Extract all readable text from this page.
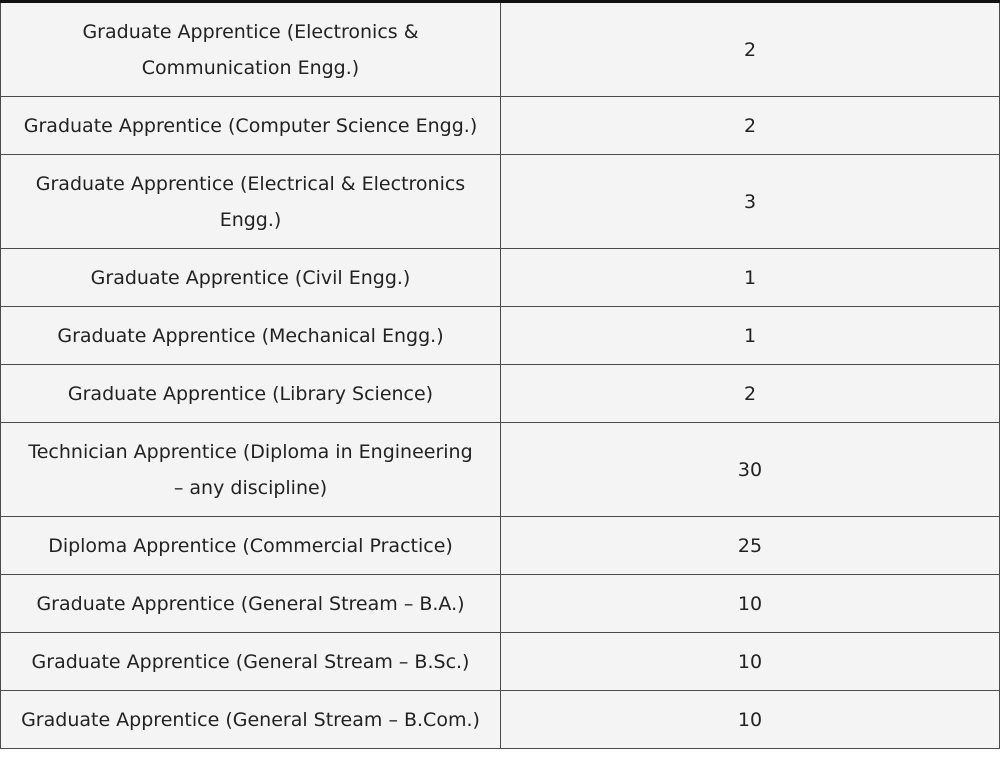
Graduate Apprentice (Electronics & Communication Engg.)	2
Graduate Apprentice (Computer Science Engg.)	2
Graduate Apprentice (Electrical & Electronics Engg.)	3
Graduate Apprentice (Civil Engg.)	1
Graduate Apprentice (Mechanical Engg.)	1
Graduate Apprentice (Library Science)	2
Technician Apprentice (Diploma in Engineering – any discipline)	30
Diploma Apprentice (Commercial Practice)	25
Graduate Apprentice (General Stream – B.A.)	10
Graduate Apprentice (General Stream – B.Sc.)	10
Graduate Apprentice (General Stream – B.Com.)	10
